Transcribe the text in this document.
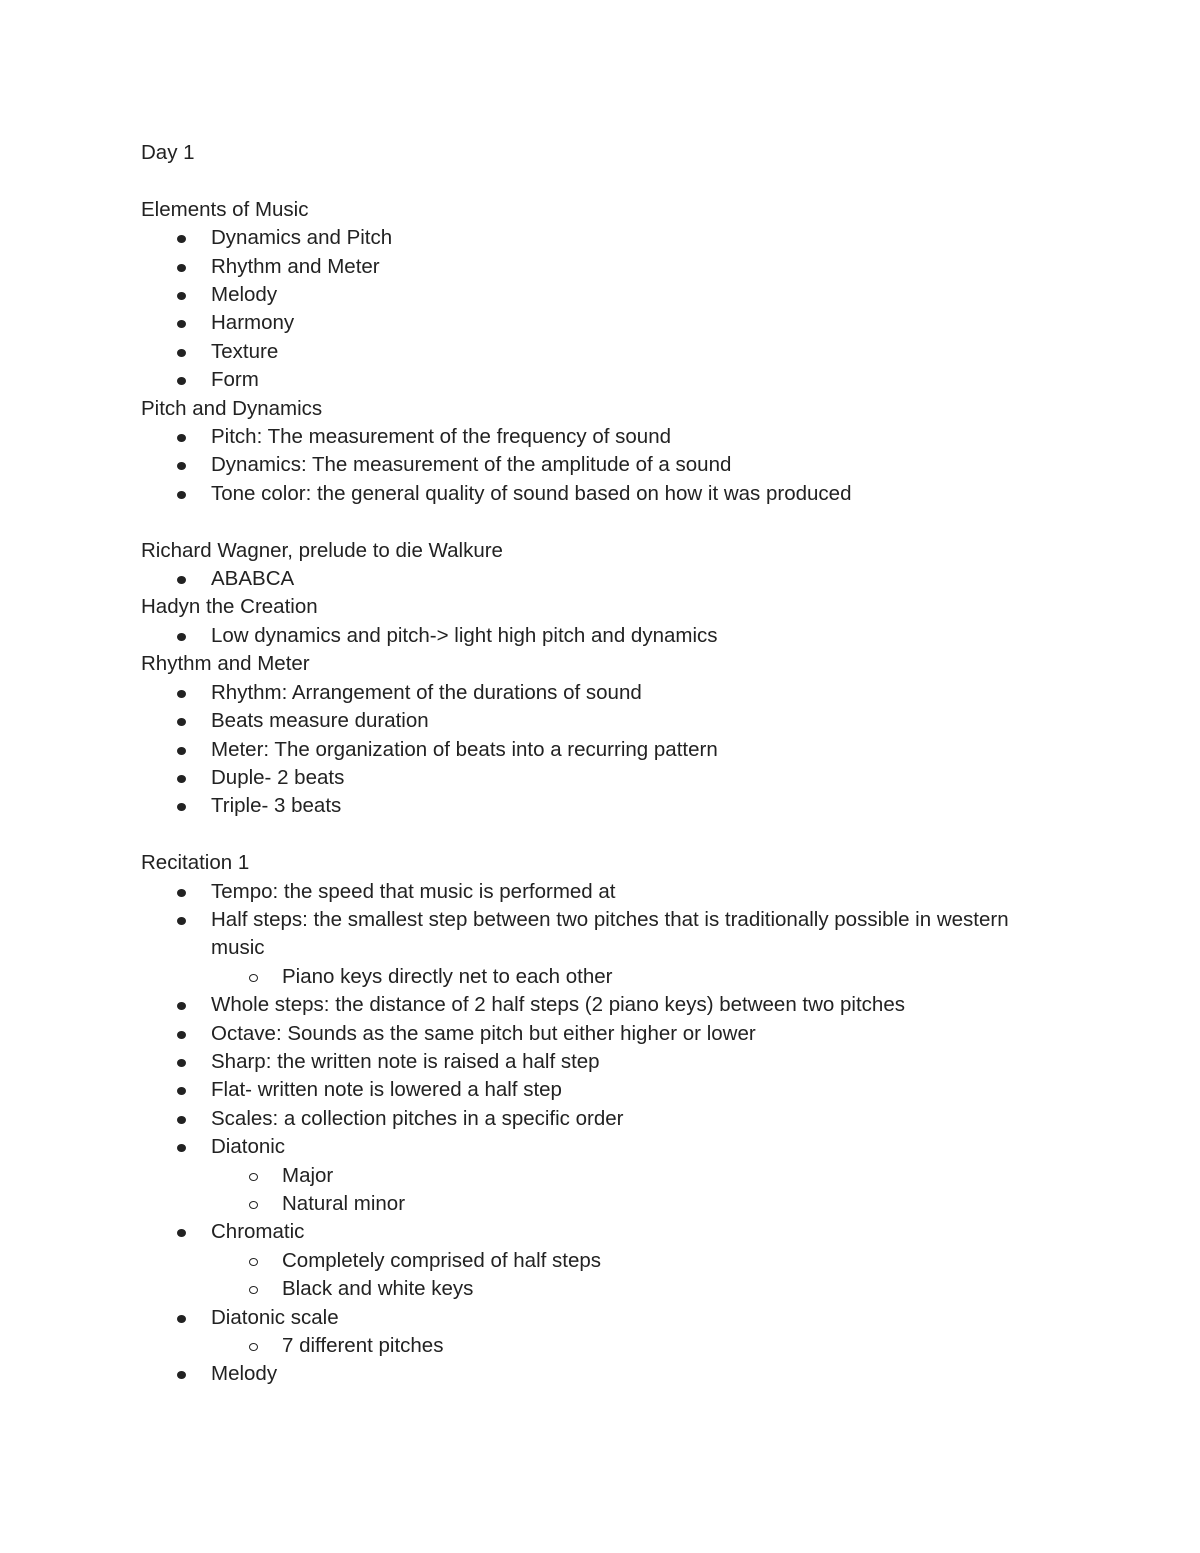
Day 1

Elements of Music

Dynamics and Pitch

Rhythm and Meter

Melody

Harmony

Texture

Form

Pitch and Dynamics

Pitch: The measurement of the frequency of sound

Dynamics: The measurement of the amplitude of a sound

Tone color: the general quality of sound based on how it was produced

Richard Wagner, prelude to die Walkure

ABABCA

Hadyn the Creation

Low dynamics and pitch-> light high pitch and dynamics

Rhythm and Meter

Rhythm: Arrangement of the durations of sound

Beats measure duration

Meter: The organization of beats into a recurring pattern

Duple- 2 beats

Triple- 3 beats

Recitation 1

Tempo: the speed that music is performed at

Half steps: the smallest step between two pitches that is traditionally possible in western music

Piano keys directly net to each other

Whole steps: the distance of 2 half steps (2 piano keys) between two pitches

Octave: Sounds as the same pitch but either higher or lower

Sharp: the written note is raised a half step

Flat- written note is lowered a half step

Scales: a collection pitches in a specific order

Diatonic

Major

Natural minor

Chromatic

Completely comprised of half steps

Black and white keys

Diatonic scale

7 different pitches

Melody
